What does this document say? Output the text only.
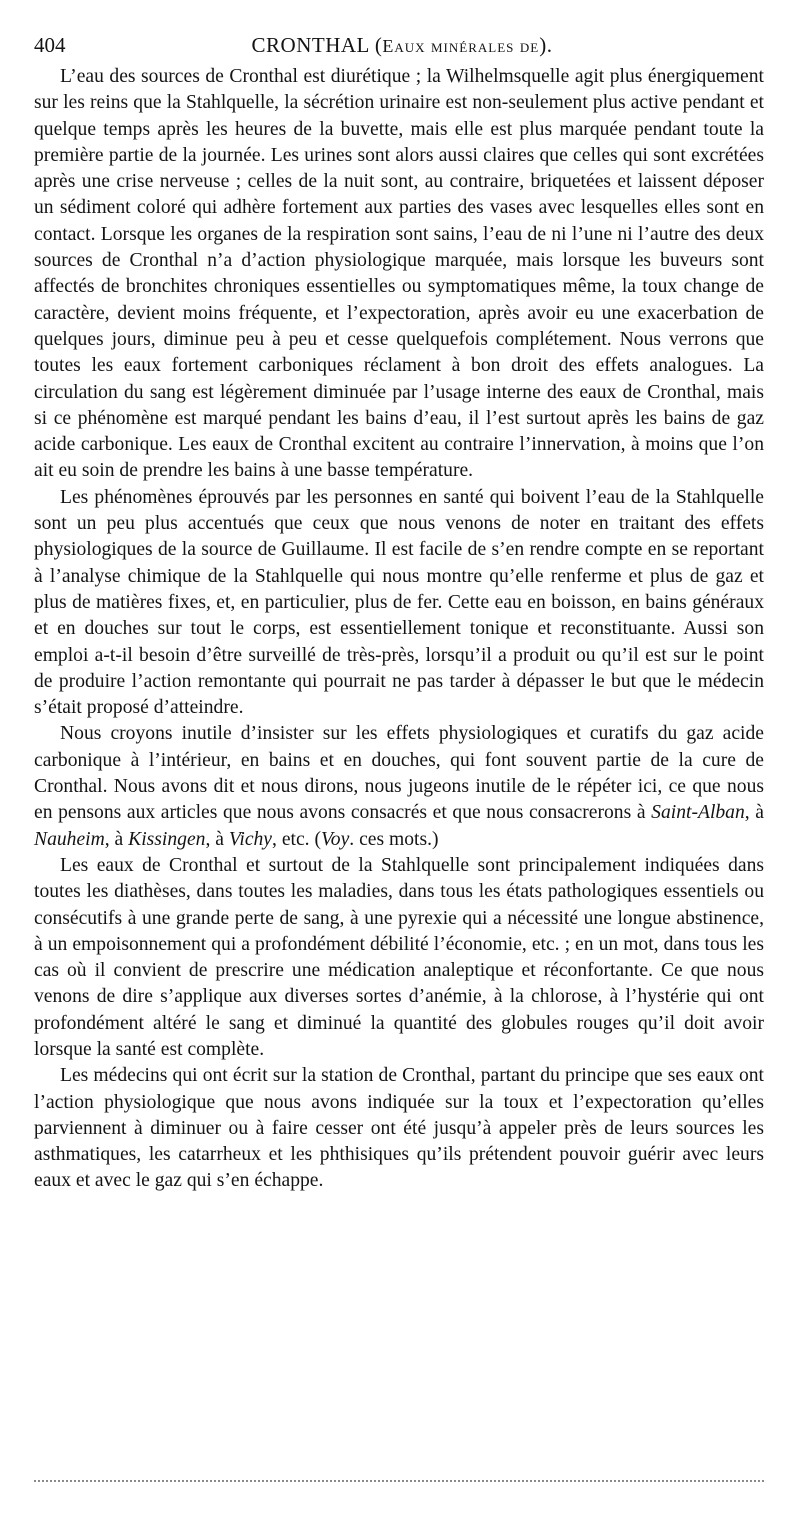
404	CRONTHAL (Eaux minérales de).

L’eau des sources de Cronthal est diurétique ; la Wilhelmsquelle agit plus énergiquement sur les reins que la Stahlquelle, la sécrétion urinaire est non-seulement plus active pendant et quelque temps après les heures de la buvette, mais elle est plus marquée pendant toute la première partie de la journée. Les urines sont alors aussi claires que celles qui sont excrétées après une crise nerveuse ; celles de la nuit sont, au contraire, briquetées et laissent déposer un sédiment coloré qui adhère fortement aux parties des vases avec lesquelles elles sont en contact. Lorsque les organes de la respiration sont sains, l’eau de ni l’une ni l’autre des deux sources de Cronthal n’a d’action physiologique marquée, mais lorsque les buveurs sont affectés de bronchites chroniques essentielles ou symptomatiques même, la toux change de caractère, devient moins fréquente, et l’expectoration, après avoir eu une exacerbation de quelques jours, diminue peu à peu et cesse quelquefois complétement. Nous verrons que toutes les eaux fortement carboniques réclament à bon droit des effets analogues. La circulation du sang est légèrement diminuée par l’usage interne des eaux de Cronthal, mais si ce phénomène est marqué pendant les bains d’eau, il l’est surtout après les bains de gaz acide carbonique. Les eaux de Cronthal excitent au contraire l’innervation, à moins que l’on ait eu soin de prendre les bains à une basse température.

Les phénomènes éprouvés par les personnes en santé qui boivent l’eau de la Stahlquelle sont un peu plus accentués que ceux que nous venons de noter en traitant des effets physiologiques de la source de Guillaume. Il est facile de s’en rendre compte en se reportant à l’analyse chimique de la Stahlquelle qui nous montre qu’elle renferme et plus de gaz et plus de matières fixes, et, en particulier, plus de fer. Cette eau en boisson, en bains généraux et en douches sur tout le corps, est essentiellement tonique et reconstituante. Aussi son emploi a-t-il besoin d’être surveillé de très-près, lorsqu’il a produit ou qu’il est sur le point de produire l’action remontante qui pourrait ne pas tarder à dépasser le but que le médecin s’était proposé d’atteindre.

Nous croyons inutile d’insister sur les effets physiologiques et curatifs du gaz acide carbonique à l’intérieur, en bains et en douches, qui font souvent partie de la cure de Cronthal. Nous avons dit et nous dirons, nous jugeons inutile de le répéter ici, ce que nous en pensons aux articles que nous avons consacrés et que nous consacrerons à Saint-Alban, à Nauheim, à Kissingen, à Vichy, etc. (Voy. ces mots.)

Les eaux de Cronthal et surtout de la Stahlquelle sont principalement indiquées dans toutes les diathèses, dans toutes les maladies, dans tous les états pathologiques essentiels ou consécutifs à une grande perte de sang, à une pyrexie qui a nécessité une longue abstinence, à un empoisonnement qui a profondément débilité l’économie, etc. ; en un mot, dans tous les cas où il convient de prescrire une médication analeptique et réconfortante. Ce que nous venons de dire s’applique aux diverses sortes d’anémie, à la chlorose, à l’hystérie qui ont profondément altéré le sang et diminué la quantité des globules rouges qu’il doit avoir lorsque la santé est complète.

Les médecins qui ont écrit sur la station de Cronthal, partant du principe que ses eaux ont l’action physiologique que nous avons indiquée sur la toux et l’expectoration qu’elles parviennent à diminuer ou à faire cesser ont été jusqu’à appeler près de leurs sources les asthmatiques, les catarrheux et les phthisiques qu’ils prétendent pouvoir guérir avec leurs eaux et avec le gaz qui s’en échappe.
